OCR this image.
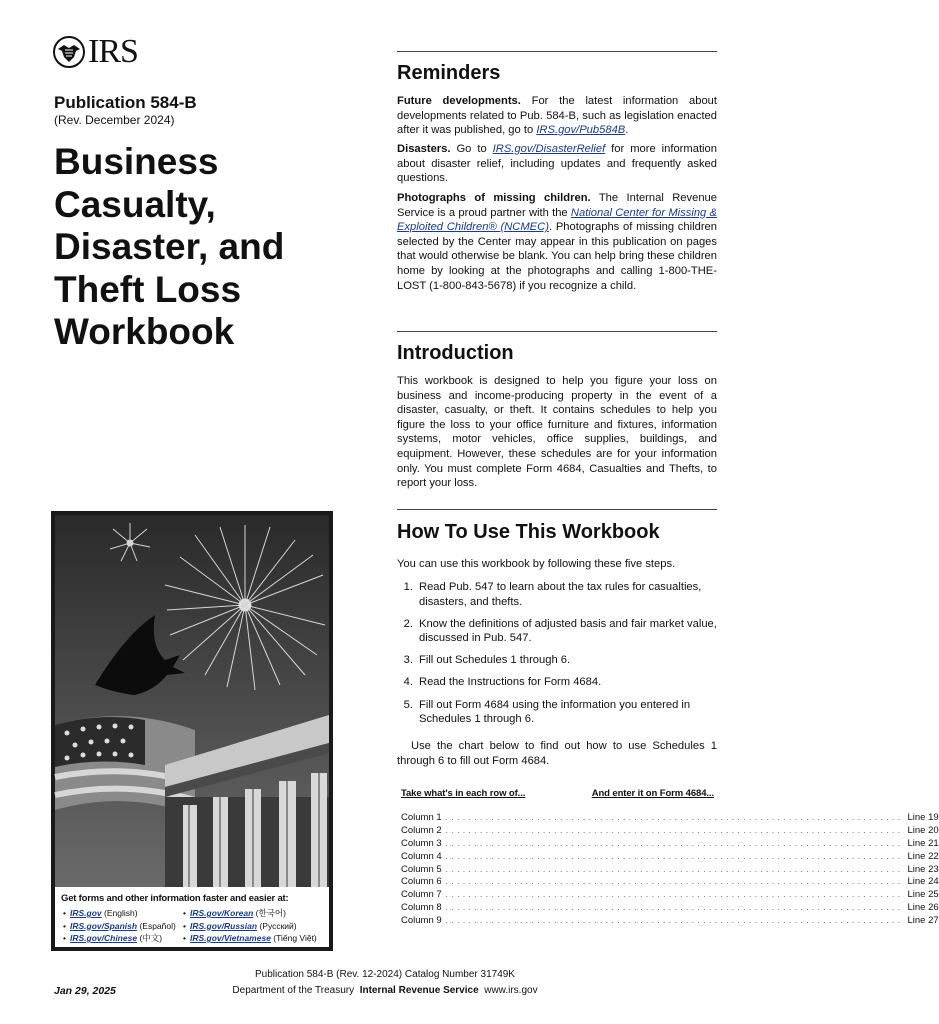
IRS
Publication 584-B
(Rev. December 2024)
Business
Casualty,
Disaster, and
Theft Loss
Workbook
Get forms and other information faster and easier at:
• IRS.gov (English)
• IRS.gov/Spanish (Español)
• IRS.gov/Chinese (中文)
• IRS.gov/Korean (한국어)
• IRS.gov/Russian (Русский)
• IRS.gov/Vietnamese (Tiếng Việt)
Reminders
Future developments. For the latest information about developments related to Pub. 584-B, such as legislation enacted after it was published, go to IRS.gov/Pub584B.
Disasters. Go to IRS.gov/DisasterRelief for more information about disaster relief, including updates and frequently asked questions.
Photographs of missing children. The Internal Revenue Service is a proud partner with the National Center for Missing & Exploited Children® (NCMEC). Photographs of missing children selected by the Center may appear in this publication on pages that would otherwise be blank. You can help bring these children home by looking at the photographs and calling 1-800-THE-LOST (1-800-843-5678) if you recognize a child.
Introduction
This workbook is designed to help you figure your loss on business and income-producing property in the event of a disaster, casualty, or theft. It contains schedules to help you figure the loss to your office furniture and fixtures, information systems, motor vehicles, office supplies, buildings, and equipment. However, these schedules are for your information only. You must complete Form 4684, Casualties and Thefts, to report your loss.
How To Use This Workbook
You can use this workbook by following these five steps.
1. Read Pub. 547 to learn about the tax rules for casualties, disasters, and thefts.
2. Know the definitions of adjusted basis and fair market value, discussed in Pub. 547.
3. Fill out Schedules 1 through 6.
4. Read the Instructions for Form 4684.
5. Fill out Form 4684 using the information you entered in Schedules 1 through 6.
Use the chart below to find out how to use Schedules 1 through 6 to fill out Form 4684.
Take what's in each row of...	And enter it on Form 4684...
Column 1 ................................................................................ Line 19
Column 2 ................................................................................ Line 20
Column 3 ................................................................................ Line 21
Column 4 ................................................................................ Line 22
Column 5 ................................................................................ Line 23
Column 6 ................................................................................ Line 24
Column 7 ................................................................................ Line 25
Column 8 ................................................................................ Line 26
Column 9 ................................................................................ Line 27
Jan 29, 2025
Publication 584-B (Rev. 12-2024) Catalog Number 31749K
Department of the Treasury Internal Revenue Service www.irs.gov
